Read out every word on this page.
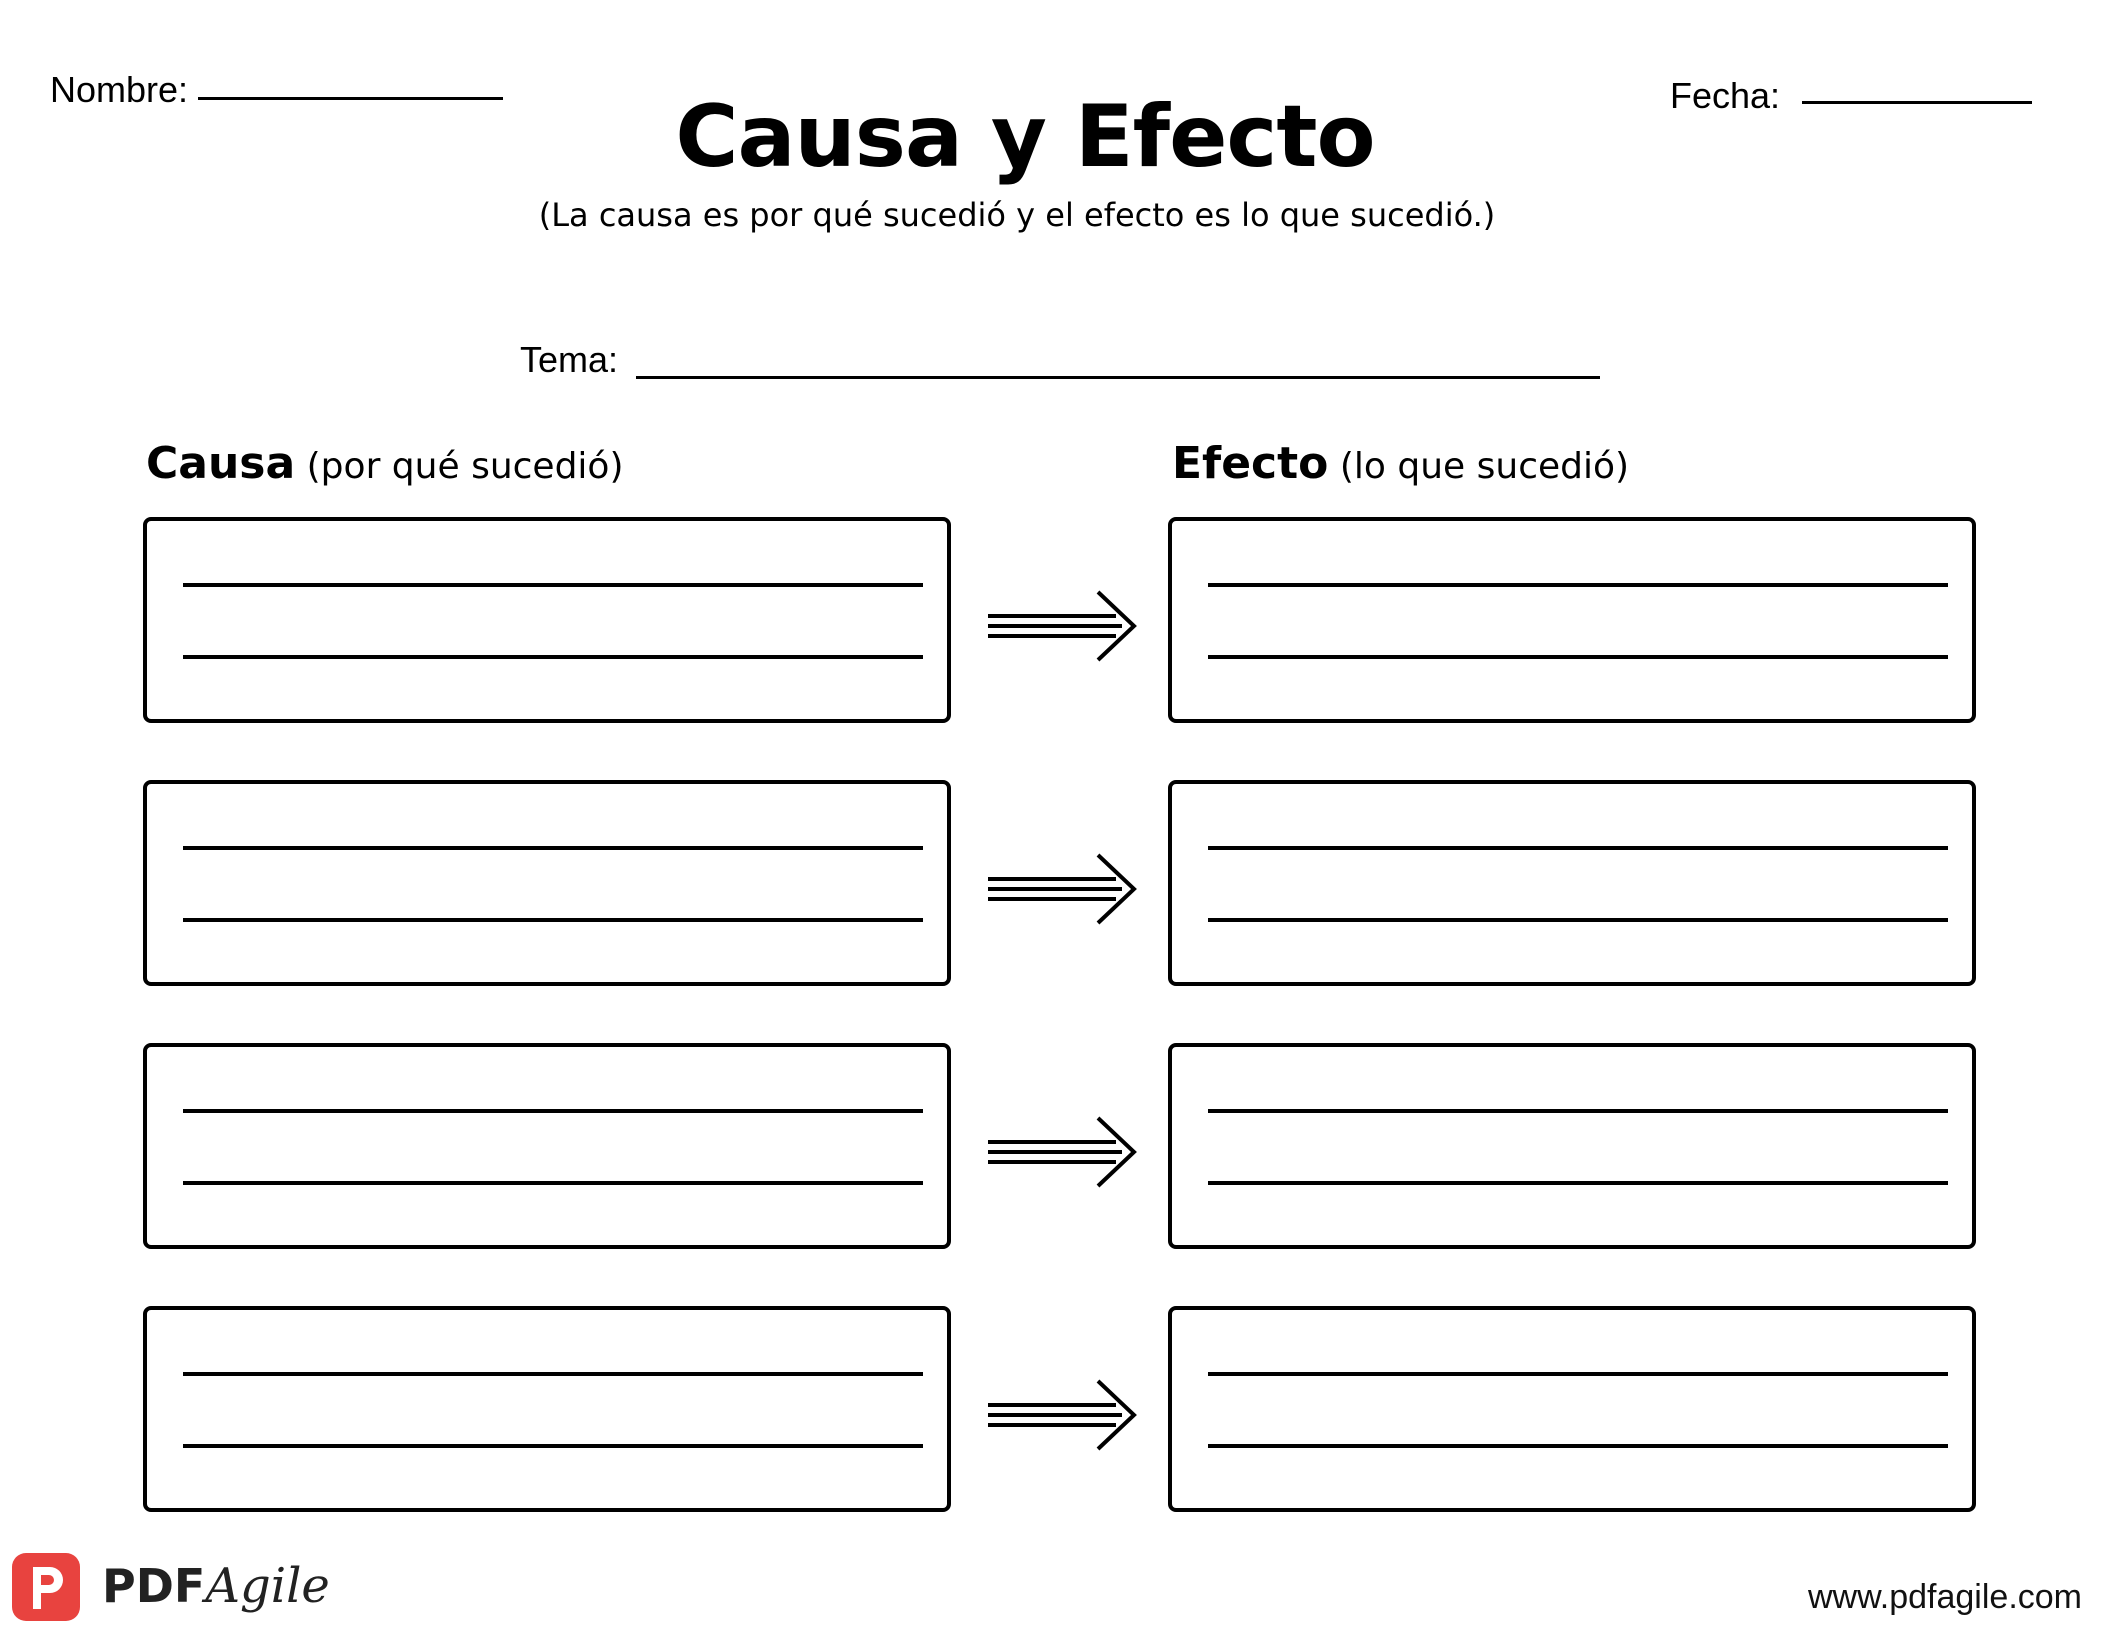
Nombre:	Fecha:
Causa y Efecto
(La causa es por qué sucedió y el efecto es lo que sucedió.)
Tema:
Causa (por qué sucedió)	Efecto (lo que sucedió)
PDFAgile	www.pdfagile.com
